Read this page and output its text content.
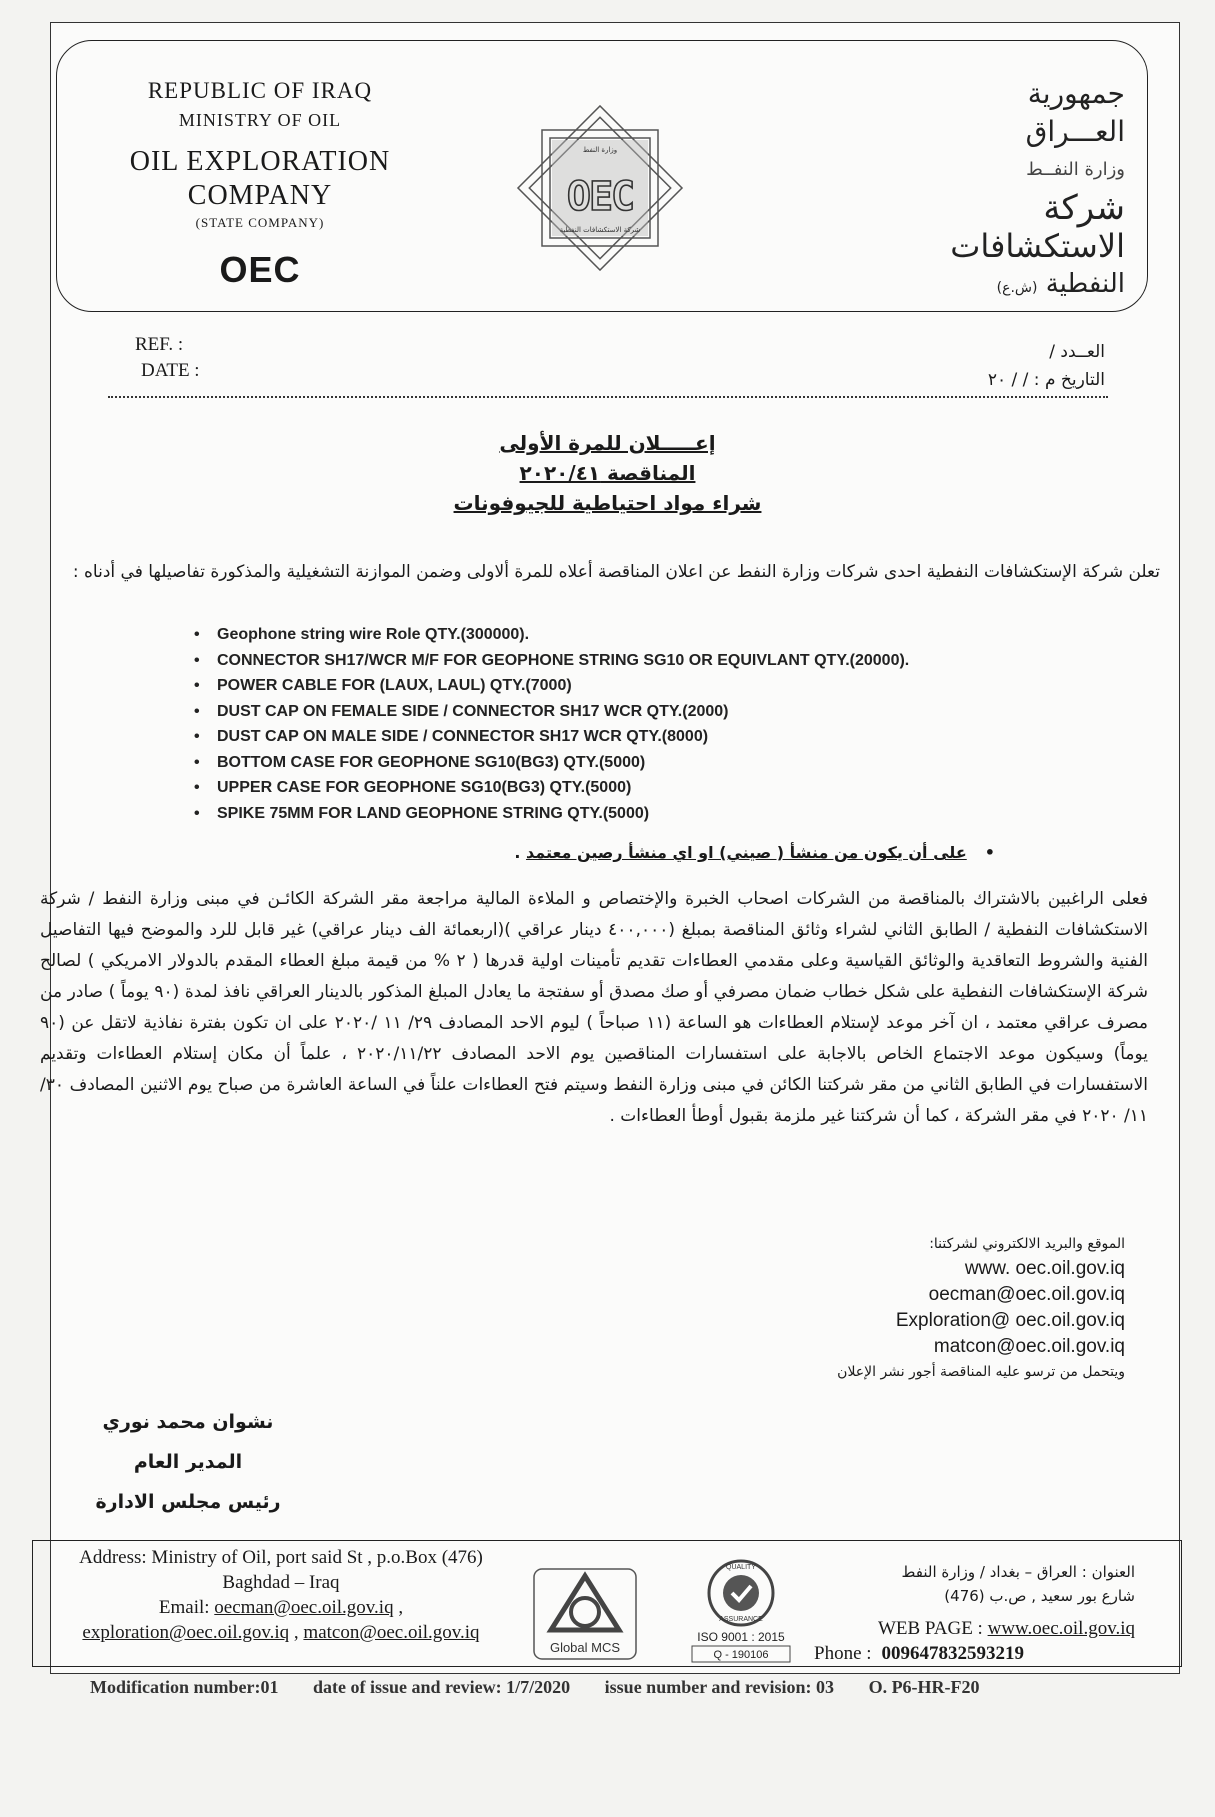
REPUBLIC OF IRAQ
MINISTRY OF OIL
OIL EXPLORATION
COMPANY
(STATE COMPANY)
OEC
جمهورية
العـــراق
وزارة النفــط
شركة
الاستكشافات
النفطية (ش.ع)
وزارة النفط
OEC
شركة الاستكشافات النفطية
REF. :
DATE :
العــدد /
التاريخ م : / / ٢٠
إعـــــلان للمرة الأولى
المناقصة ٢٠٢٠/٤١
شراء مواد احتياطية للجيوفونات
تعلن شركة الإستكشافات النفطية احدى شركات وزارة النفط عن اعلان المناقصة أعلاه للمرة ألاولى وضمن الموازنة التشغيلية والمذكورة تفاصيلها في أدناه :
• Geophone string wire Role QTY.(300000).
• CONNECTOR SH17/WCR M/F FOR GEOPHONE STRING SG10 OR EQUIVLANT QTY.(20000).
• POWER CABLE FOR (LAUX, LAUL) QTY.(7000)
• DUST CAP ON FEMALE SIDE / CONNECTOR SH17 WCR QTY.(2000)
• DUST CAP ON MALE SIDE / CONNECTOR SH17 WCR QTY.(8000)
• BOTTOM CASE FOR GEOPHONE SG10(BG3) QTY.(5000)
• UPPER CASE FOR GEOPHONE SG10(BG3) QTY.(5000)
• SPIKE 75MM FOR LAND GEOPHONE STRING QTY.(5000)
•على أن يكون من منشأ ( صيني) او اي منشأ رصين معتمد .
فعلى الراغبين بالاشتراك بالمناقصة من الشركات اصحاب الخبرة والإختصاص و الملاءة المالية مراجعة مقر الشركة الكائـن في مبنى وزارة النفط / شركة الاستكشافات النفطية / الطابق الثاني لشراء وثائق المناقصة بمبلغ (٤٠٠,٠٠٠ دينار عراقي )(اربعمائة الف دينار عراقي) غير قابل للرد والموضح فيها التفاصيل الفنية والشروط التعاقدية والوثائق القياسية وعلى مقدمي العطاءات تقديم تأمينات اولية قدرها ( ٢ % من قيمة مبلغ العطاء المقدم بالدولار الامريكي ) لصالح شركة الإستكشافات النفطية على شكل خطاب ضمان مصرفي أو صك مصدق أو سفتجة ما يعادل المبلغ المذكور بالدينار العراقي نافذ لمدة (٩٠ يوماً ) صادر من مصرف عراقي معتمد ، ان آخر موعد لإستلام العطاءات هو الساعة (١١ صباحاً ) ليوم الاحد المصادف ٢٩/ ١١ /٢٠٢٠ على ان تكون بفترة نفاذية لاتقل عن (٩٠ يوماً) وسيكون موعد الاجتماع الخاص بالاجابة على استفسارات المناقصين يوم الاحد المصادف ٢٠٢٠/١١/٢٢ ، علماً أن مكان إستلام العطاءات وتقديم الاستفسارات في الطابق الثاني من مقر شركتنا الكائن في مبنى وزارة النفط وسيتم فتح العطاءات علناً في الساعة العاشرة من صباح يوم الاثنين المصادف ٣٠/ ١١/ ٢٠٢٠ في مقر الشركة ، كما أن شركتنا غير ملزمة بقبول أوطأ العطاءات .
الموقع والبريد الالكتروني لشركتنا:
www. oec.oil.gov.iq
oecman@oec.oil.gov.iq
Exploration@ oec.oil.gov.iq
matcon@oec.oil.gov.iq
ويتحمل من ترسو عليه المناقصة أجور نشر الإعلان
نشوان محمد نوري
المدير العام
رئيس مجلس الادارة
Address: Ministry of Oil, port said St , p.o.Box (476)
Baghdad – Iraq
Email: oecman@oec.oil.gov.iq ,
exploration@oec.oil.gov.iq , matcon@oec.oil.gov.iq
Global MCS
QUALITY
ASSURANCE
ISO 9001 : 2015
Q - 190106
العنوان : العراق – بغداد / وزارة النفط
شارع بور سعيد , ص.ب (476)
WEB PAGE : www.oec.oil.gov.iq
Phone : 009647832593219
Modification number:01 date of issue and review: 1/7/2020 issue number and revision: 03 O. P6-HR-F20
